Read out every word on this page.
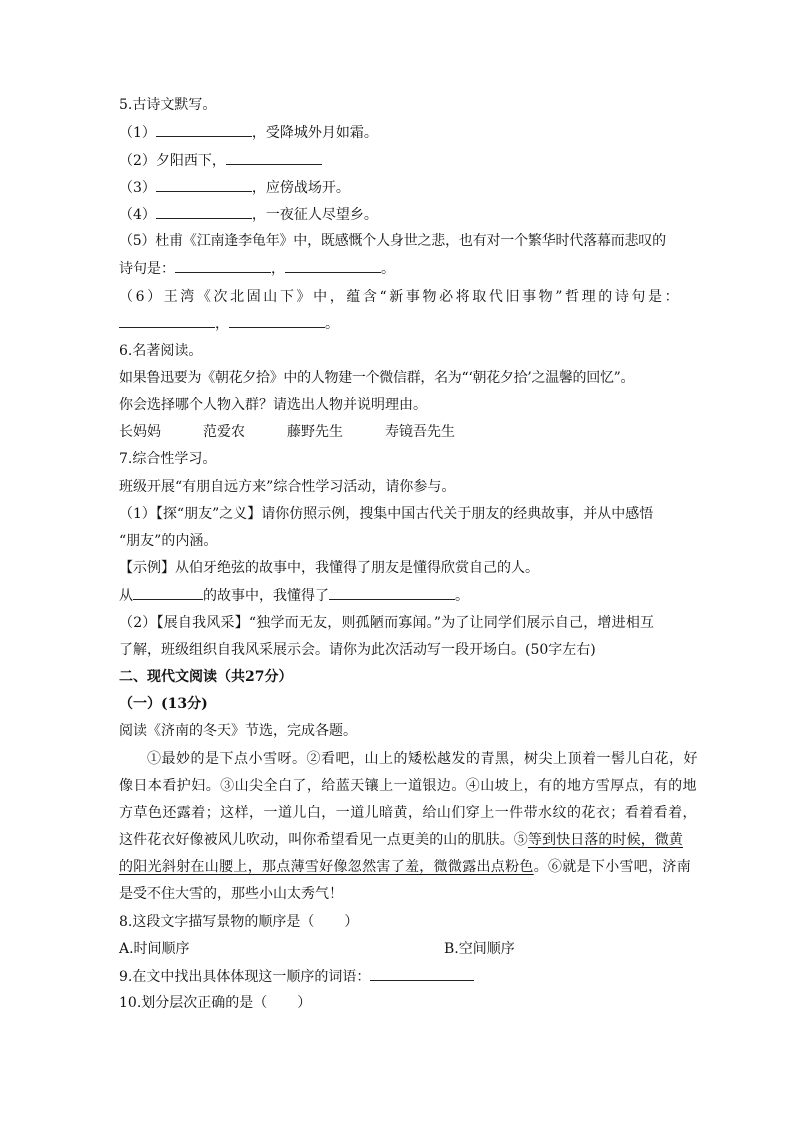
5.古诗文默写。
（1）	，受降城外月如霜。
（2）夕阳西下，
（3）	，应傍战场开。
（4）	，一夜征人尽望乡。
（5）杜甫《江南逢李龟年》中，既感慨个人身世之悲，也有对一个繁华时代落幕而悲叹的
诗句是：	，	。
（6）王湾《次北固山下》中，蕴含“新事物必将取代旧事物”哲理的诗句是：
，	。
6.名著阅读。
如果鲁迅要为《朝花夕拾》中的人物建一个微信群，名为“‘朝花夕拾’之温馨的回忆”。
你会选择哪个人物入群？请选出人物并说明理由。
长妈妈	范爱农	藤野先生	寿镜吾先生
7.综合性学习。
班级开展“有朋自远方来”综合性学习活动，请你参与。
（1）【探“朋友”之义】请你仿照示例，搜集中国古代关于朋友的经典故事，并从中感悟
“朋友”的内涵。
【示例】从伯牙绝弦的故事中，我懂得了朋友是懂得欣赏自己的人。
从	的故事中，我懂得了	。
（2）【展自我风采】“独学而无友，则孤陋而寡闻。”为了让同学们展示自己，增进相互
了解，班级组织自我风采展示会。请你为此次活动写一段开场白。(50字左右)
二、现代文阅读（共27分）
（一）(13分)
阅读《济南的冬天》节选，完成各题。
①最妙的是下点小雪呀。②看吧，山上的矮松越发的青黑，树尖上顶着一髻儿白花，好
像日本看护妇。③山尖全白了，给蓝天镶上一道银边。④山坡上，有的地方雪厚点，有的地
方草色还露着；这样，一道儿白，一道儿暗黄，给山们穿上一件带水纹的花衣；看着看着，
这件花衣好像被风儿吹动，叫你希望看见一点更美的山的肌肤。⑤等到快日落的时候，微黄
的阳光斜射在山腰上，那点薄雪好像忽然害了羞，微微露出点粉色。⑥就是下小雪吧，济南
是受不住大雪的，那些小山太秀气！
8.这段文字描写景物的顺序是（ ）
A.时间顺序	B.空间顺序
9.在文中找出具体体现这一顺序的词语：
10.划分层次正确的是（ ）
